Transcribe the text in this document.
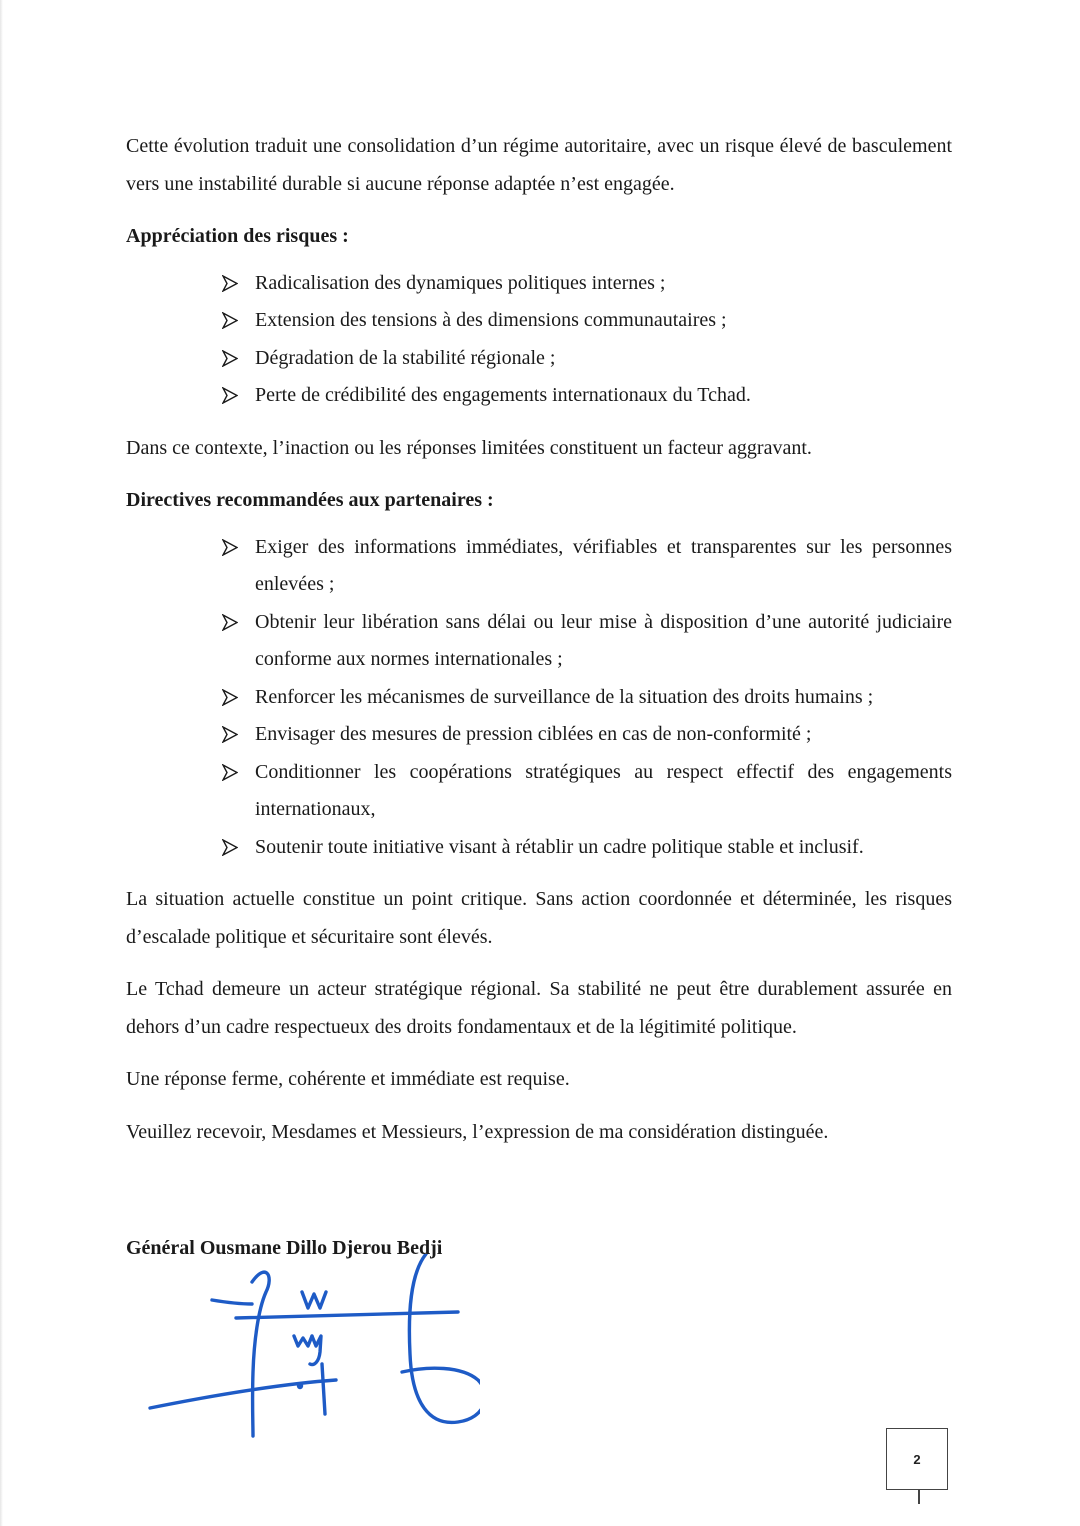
Cette évolution traduit une consolidation d’un régime autoritaire, avec un risque élevé de basculement vers une instabilité durable si aucune réponse adaptée n’est engagée.

Appréciation des risques :
Radicalisation des dynamiques politiques internes ;
Extension des tensions à des dimensions communautaires ;
Dégradation de la stabilité régionale ;
Perte de crédibilité des engagements internationaux du Tchad.

Dans ce contexte, l’inaction ou les réponses limitées constituent un facteur aggravant.

Directives recommandées aux partenaires :
Exiger des informations immédiates, vérifiables et transparentes sur les personnes enlevées ;
Obtenir leur libération sans délai ou leur mise à disposition d’une autorité judiciaire conforme aux normes internationales ;
Renforcer les mécanismes de surveillance de la situation des droits humains ;
Envisager des mesures de pression ciblées en cas de non-conformité ;
Conditionner les coopérations stratégiques au respect effectif des engagements internationaux,
Soutenir toute initiative visant à rétablir un cadre politique stable et inclusif.

La situation actuelle constitue un point critique. Sans action coordonnée et déterminée, les risques d’escalade politique et sécuritaire sont élevés.

Le Tchad demeure un acteur stratégique régional. Sa stabilité ne peut être durablement assurée en dehors d’un cadre respectueux des droits fondamentaux et de la légitimité politique.

Une réponse ferme, cohérente et immédiate est requise.

Veuillez recevoir, Mesdames et Messieurs, l’expression de ma considération distinguée.

Général Ousmane Dillo Djerou Bedji
2
